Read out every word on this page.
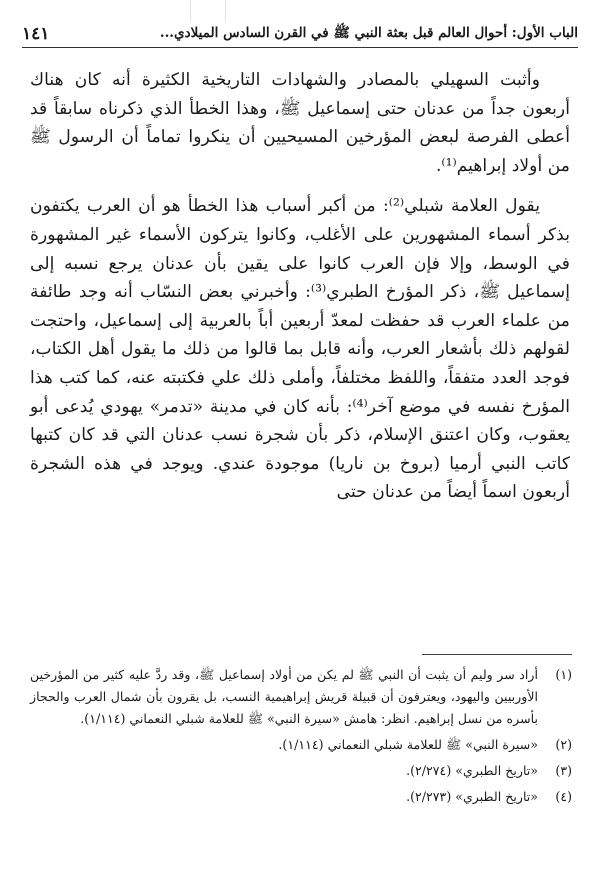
الباب الأول: أحوال العالم قبل بعثة النبي ﷺ في القرن السادس الميلادي...
١٤١

وأثبت السهيلي بالمصادر والشهادات التاريخية الكثيرة أنه كان هناك أربعون جداً من عدنان حتى إسماعيل ﷺ، وهذا الخطأ الذي ذكرناه سابقاً قد أعطى الفرصة لبعض المؤرخين المسيحيين أن ينكروا تماماً أن الرسول ﷺ من أولاد إبراهيم⁽¹⁾.

يقول العلامة شبلي⁽²⁾: من أكبر أسباب هذا الخطأ هو أن العرب يكتفون بذكر أسماء المشهورين على الأغلب، وكانوا يتركون الأسماء غير المشهورة في الوسط، وإلا فإن العرب كانوا على يقين بأن عدنان يرجع نسبه إلى إسماعيل ﷺ، ذكر المؤرخ الطبري⁽³⁾: وأخبرني بعض النسّاب أنه وجد طائفة من علماء العرب قد حفظت لمعدّ أربعين أباً بالعربية إلى إسماعيل، واحتجت لقولهم ذلك بأشعار العرب، وأنه قابل بما قالوا من ذلك ما يقول أهل الكتاب، فوجد العدد متفقاً، واللفظ مختلفاً، وأملى ذلك علي فكتبته عنه، كما كتب هذا المؤرخ نفسه في موضع آخر⁽⁴⁾: بأنه كان في مدينة «تدمر» يهودي يُدعى أبو يعقوب، وكان اعتنق الإسلام، ذكر بأن شجرة نسب عدنان التي قد كان كتبها كاتب النبي أرميا (بروخ بن ناريا) موجودة عندي. ويوجد في هذه الشجرة أربعون اسماً أيضاً من عدنان حتى

(١)
أراد سر وليم أن يثبت أن النبي ﷺ لم يكن من أولاد إسماعيل ﷺ، وقد ردَّ عليه كثير من المؤرخين الأوربيين واليهود، ويعترفون أن قبيلة قريش إبراهيمية النسب، بل يقرون بأن شمال العرب والحجاز بأسره من نسل إبراهيم. انظر: هامش «سيرة النبي» ﷺ للعلامة شبلي النعماني (١/١١٤).
(٢)
«سيرة النبي» ﷺ للعلامة شبلي النعماني (١/١١٤).
(٣)
«تاريخ الطبري» (٢/٢٧٤).
(٤)
«تاريخ الطبري» (٢/٢٧٣).
